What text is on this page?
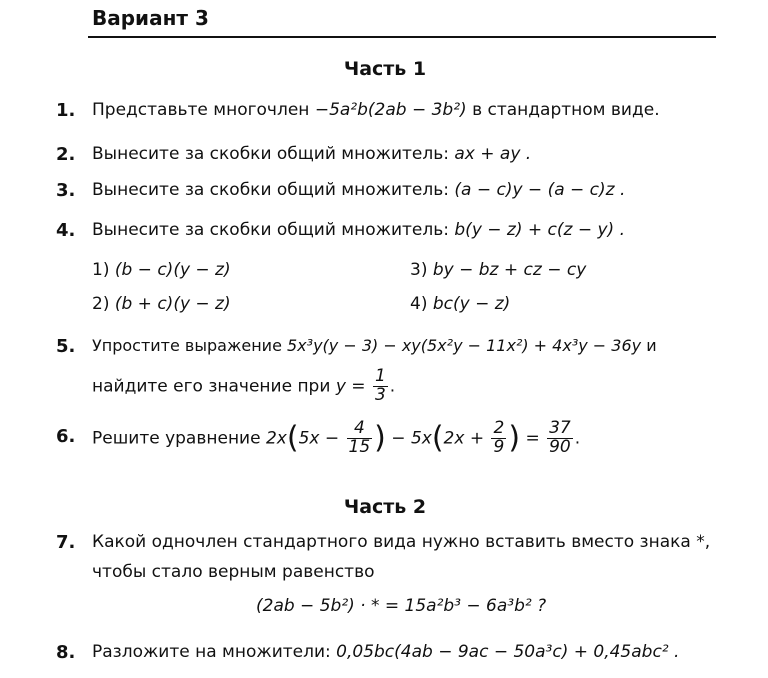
Вариант 3
Часть 1
1. Представьте многочлен −5a²b(2ab − 3b²) в стандартном виде.
2. Вынесите за скобки общий множитель: ax + ay .
3. Вынесите за скобки общий множитель: (a − c)y − (a − c)z .
4. Вынесите за скобки общий множитель: b(y − z) + c(z − y) .
1) (b − c)(y − z)
2) (b + c)(y − z)
3) by − bz + cz − cy
4) bc(y − z)
5. Упростите выражение 5x³y(y − 3) − xy(5x²y − 11x²) + 4x³y − 36y и
найдите его значение при $y = \frac{1}{3}$ .
6. Решите уравнение $2x(5x - \frac{4}{15}$ ) − $5x(2x + \frac{2}{9}$ ) = $\frac{37}{90}$ .
Часть 2
7. Какой одночлен стандартного вида нужно вставить вместо знака *,
чтобы стало верным равенство
(2ab − 5b²) · * = 15a²b³ − 6a³b² ?
8. Разложите на множители: 0,05bc(4ab − 9ac − 50a³c) + 0,45abc² .
